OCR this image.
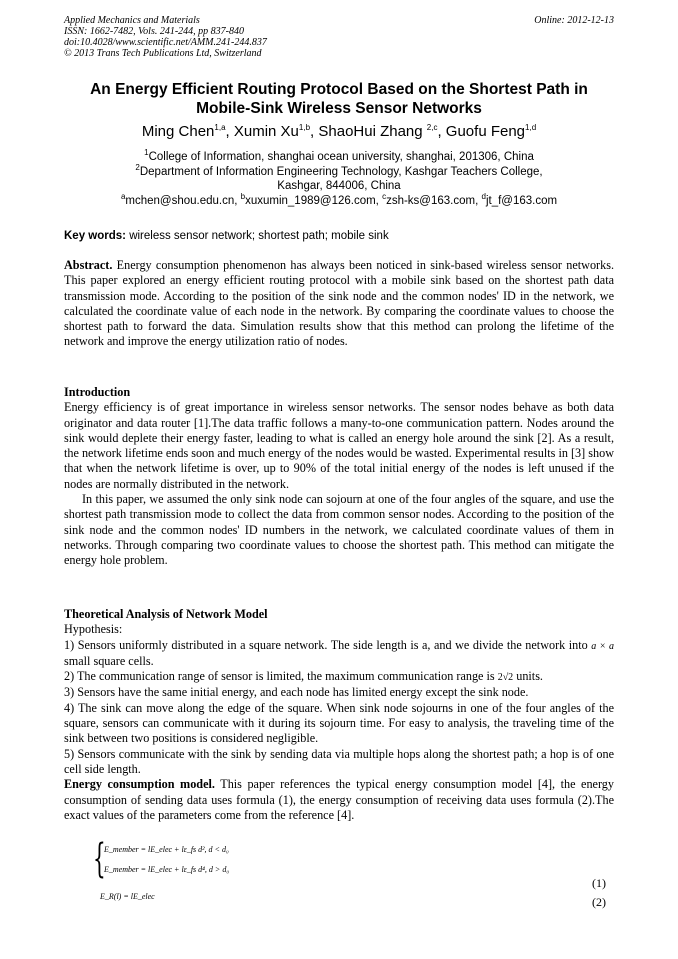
Applied Mechanics and Materials
ISSN: 1662-7482, Vols. 241-244, pp 837-840
doi:10.4028/www.scientific.net/AMM.241-244.837
© 2013 Trans Tech Publications Ltd, Switzerland
Online: 2012-12-13
An Energy Efficient Routing Protocol Based on the Shortest Path in
Mobile-Sink Wireless Sensor Networks
Ming Chen$^{1,a}$, Xumin Xu$^{1,b}$, ShaoHui Zhang $^{2,c}$, Guofu Feng$^{1,d}$
$^1$College of Information, shanghai ocean university, shanghai, 201306, China
$^2$Department of Information Engineering Technology, Kashgar Teachers College,
Kashgar, 844006, China
$^a$mchen@shou.edu.cn, $^b$xuxumin_1989@126.com, $^c$zsh-ks@163.com, $^d$jt_f@163.com
Key words: wireless sensor network; shortest path; mobile sink

Abstract. Energy consumption phenomenon has always been noticed in sink-based wireless sensor networks. This paper explored an energy efficient routing protocol with a mobile sink based on the shortest path data transmission mode. According to the position of the sink node and the common nodes' ID in the network, we calculated the coordinate value of each node in the network. By comparing the coordinate values to choose the shortest path to forward the data. Simulation results show that this method can prolong the lifetime of the network and improve the energy utilization ratio of nodes.

Introduction

Energy efficiency is of great importance in wireless sensor networks. The sensor nodes behave as both data originator and data router [1].The data traffic follows a many-to-one communication pattern. Nodes around the sink would deplete their energy faster, leading to what is called an energy hole around the sink [2]. As a result, the network lifetime ends soon and much energy of the nodes would be wasted. Experimental results in [3] show that when the network lifetime is over, up to 90% of the total initial energy of the nodes is left unused if the nodes are normally distributed in the network.

In this paper, we assumed the only sink node can sojourn at one of the four angles of the square, and use the shortest path transmission mode to collect the data from common sensor nodes. According to the position of the sink node and the common nodes' ID numbers in the network, we calculated coordinate values of them in networks. Through comparing two coordinate values to choose the shortest path. This method can mitigate the energy hole problem.

Theoretical Analysis of Network Model

Hypothesis:

1) Sensors uniformly distributed in a square network. The side length is a, and we divide the network into a × a small square cells.

2) The communication range of sensor is limited, the maximum communication range is 2√2 units.

3) Sensors have the same initial energy, and each node has limited energy except the sink node.

4) The sink can move along the edge of the square. When sink node sojourns in one of the four angles of the square, sensors can communicate with it during its sojourn time. For easy to analysis, the traveling time of the sink between two positions is considered negligible.

5) Sensors communicate with the sink by sending data via multiple hops along the shortest path; a hop is of one cell side length.

Energy consumption model. This paper references the typical energy consumption model [4], the energy consumption of sending data uses formula (1), the energy consumption of receiving data uses formula (2).The exact values of the parameters come from the reference [4].

{
E_member = lE_elec + lε_fs d², d < d₀
E_member = lE_elec + lε_fs d⁴, d > d₀
E_R(l) = lE_elec
(1)
(2)
